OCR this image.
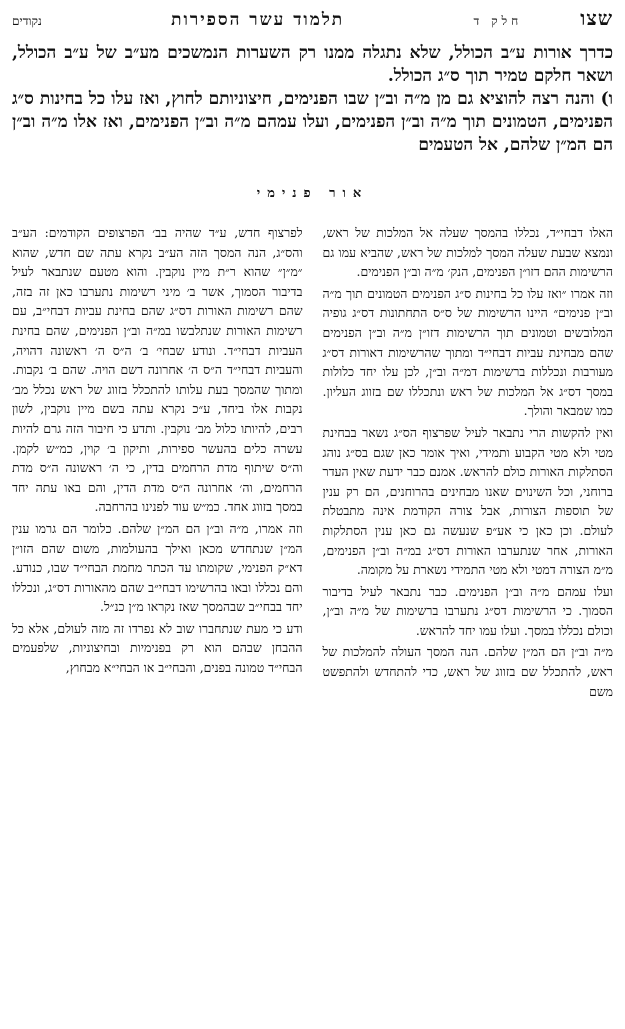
שצו
חלק ד
תלמוד עשר הספירות
נקודים

כדרך אורות ע״ב הכולל, שלא נתגלה ממנו רק השערות הנמשכים מע״ב של ע״ב הכולל, ושאר חלקם טמיר תוך ס״ג הכולל.

ו) והנה רצה להוציא גם מן מ״ה וב״ן שבו הפנימים, חיצוניותם לחוץ, ואז עלו כל בחינות ס״ג הפנימים, הטמונים תוך מ״ה וב״ן הפנימים, ועלו עמהם מ״ה וב״ן הפנימים, ואז אלו מ״ה וב״ן הם המ״ן שלהם, אל הטעמים

אור פנימי

האלו דבחי״ד, נכללו בהמסך שעלה אל המלכות של ראש, ונמצא שבעת שעלה המסך למלכות של ראש, שהביא עמו גם הרשימות ההם דזו״ן הפנימים, הנק׳ מ״ה וב״ן הפנימים.

וזה אמרו ״ואז עלו כל בחינות ס״ג הפנימים הטמונים תוך מ״ה וב״ן פנימים״ היינו הרשימות של ס״ס התחתונות דס״ג גופיה המלובשים וטמונים תוך הרשימות דזו״ן מ״ה וב״ן הפנימים שהם מבחינת עביות דבחי״ד ומתוך שהרשימות דאורות דס״ג מעורבות ונכללות ברשימות דמ״ה וב״ן, לכן עלו יחד כלולות במסך דס״ג אל המלכות של ראש ונתכללו שם בזווג העליון. כמו שמבאר והולך.

ואין להקשות הרי נתבאר לעיל שפרצוף הס״ג נשאר בבחינת מטי ולא מטי הקבוע ותמידי, ואיך אומר כאן שגם בס״ג נוהג הסתלקות האורות כולם להראש. אמנם כבר ידעת שאין העדר ברוחני, וכל השינוים שאנו מבחינים בהרוחנים, הם רק ענין של תוספות הצורות, אבל צורה הקודמת אינה מתבטלת לעולם. וכן כאן כי אע״פ שנעשה גם כאן ענין הסתלקות האורות, אחר שנתערבו האורות דס״ג במ״ה וב״ן הפנימים, מ״מ הצורה דמטי ולא מטי התמידי נשארת על מקומה.

ועלו עמהם מ״ה וב״ן הפנימים. כבר נתבאר לעיל בדיבור הסמוך. כי הרשימות דס״ג נתערבו ברשימות של מ״ה וב״ן, וכולם נכללו במסך. ועלו עמו יחד להראש.

מ״ה וב״ן הם המ״ן שלהם. הנה המסך העולה להמלכות של ראש, להתכלל שם בזווג של ראש, כדי להתחדש ולהתפשט משם

לפרצוף חדש, ע״ד שהיה בב׳ הפרצופים הקודמים: הע״ב והס״ג, הנה המסך הזה הע״ב נקרא עתה שם חדש, שהוא ״מ״ן״ שהוא ר״ת מיין נוקבין. והוא מטעם שנתבאר לעיל בדיבור הסמוך, אשר ב׳ מיני רשימות נתערבו כאן זה בזה, שהם רשימות האורות דס״ג שהם בחינת עביות דבחי״ב, עם רשימות האורות שנתלבשו במ״ה וב״ן הפנימים, שהם בחינת העביות דבחי״ד. ונודע שבחי׳ ב׳ ה״ס ה׳ ראשונה דהויה, והעביות דבחי״ד ה״ס ה׳ אחרונה דשם הויה. שהם ב׳ נקבות. ומתוך שהמסך בעת עלותו להתכלל בזווג של ראש נכלל מב׳ נקבות אלו ביחד, ע״כ נקרא עתה בשם מיין נוקבין, לשון רבים, להיותו כלול מב׳ נוקבין. ותדע כי חיבור הזה גרם להיות עשרה כלים בהעשר ספירות, ותיקון ב׳ קוין, כמ״ש לקמן. וה״ס שיתוף מדת הרחמים בדין, כי ה׳ ראשונה ה״ס מדת הרחמים, וה׳ אחרונה ה״ס מדת הדין, והם באו עתה יחד במסך בזווג אחד. כמ״ש עוד לפנינו בהרחבה.

וזה אמרו, מ״ה וב״ן הם המ״ן שלהם. כלומר הם גרמו ענין המ״ן שנתחדש מכאן ואילך בהעולמות, משום שהם הזו״ן דא״ק הפנימי, שקומתו עד הכתר מחמת הבחי״ד שבו, כנודע. והם נכללו ובאו בהרשימו דבחי״ב שהם מהאורות דס״ג, ונכללו יחד בבחי״ב שבהמסך שאז נקראו מ״ן כנ״ל.

ודע כי מעת שנתחברו שוב לא נפרדו זה מזה לעולם, אלא כל ההבחן שבהם הוא רק בפנימיות ובחיצוניות, שלפעמים הבחי״ד טמונה בפנים, והבחי״ב או הבחי״א מבחוץ,
